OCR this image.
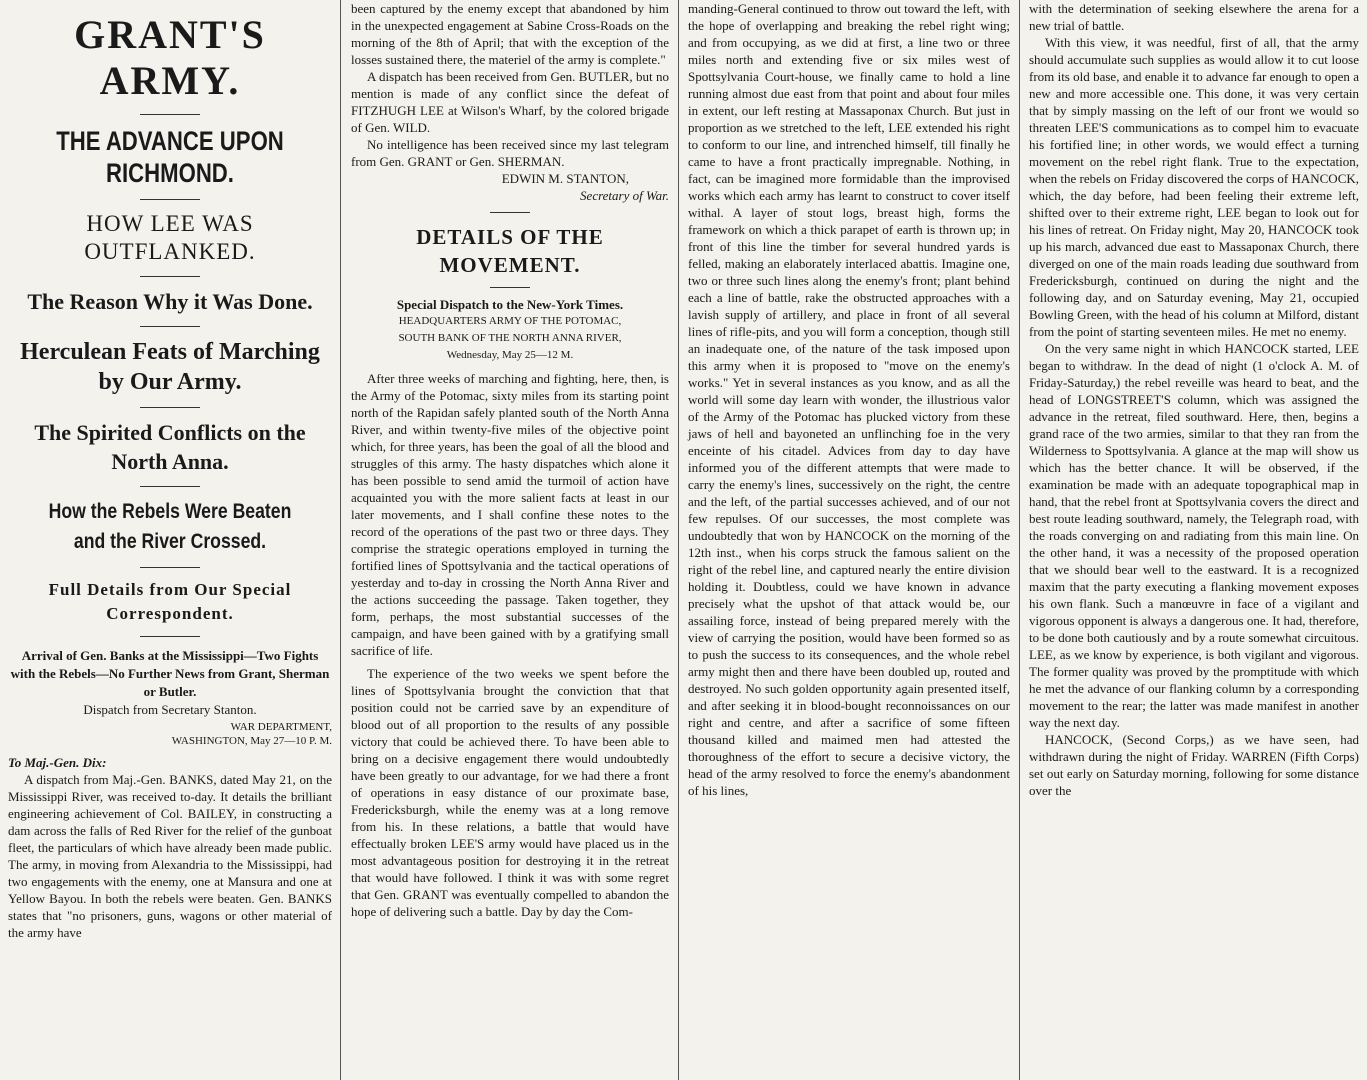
GRANT'S ARMY.
THE ADVANCE UPON RICHMOND.
HOW LEE WAS OUTFLANKED.
The Reason Why it Was Done.
Herculean Feats of Marching by Our Army.
The Spirited Conflicts on the North Anna.
How the Rebels Were Beaten and the River Crossed.
Full Details from Our Special Correspondent.
Arrival of Gen. Banks at the Mississippi—Two Fights with the Rebels—No Further News from Grant, Sherman or Butler.
Dispatch from Secretary Stanton.
WAR DEPARTMENT,
WASHINGTON, May 27—10 P. M.

To Maj.-Gen. Dix:

A dispatch from Maj.-Gen. BANKS, dated May 21, on the Mississippi River, was received to-day. It details the brilliant engineering achievement of Col. BAILEY, in constructing a dam across the falls of Red River for the relief of the gunboat fleet, the particulars of which have already been made public. The army, in moving from Alexandria to the Mississippi, had two engagements with the enemy, one at Mansura and one at Yellow Bayou. In both the rebels were beaten. Gen. BANKS states that "no prisoners, guns, wagons or other material of the army have

been captured by the enemy except that abandoned by him in the unexpected engagement at Sabine Cross-Roads on the morning of the 8th of April; that with the exception of the losses sustained there, the materiel of the army is complete."

A dispatch has been received from Gen. BUTLER, but no mention is made of any conflict since the defeat of FITZHUGH LEE at Wilson's Wharf, by the colored brigade of Gen. WILD.

No intelligence has been received since my last telegram from Gen. GRANT or Gen. SHERMAN.

EDWIN M. STANTON,
Secretary of War.
DETAILS OF THE MOVEMENT.
Special Dispatch to the New-York Times.
HEADQUARTERS ARMY OF THE POTOMAC,
SOUTH BANK OF THE NORTH ANNA RIVER,
Wednesday, May 25—12 M.

After three weeks of marching and fighting, here, then, is the Army of the Potomac, sixty miles from its starting point north of the Rapidan safely planted south of the North Anna River, and within twenty-five miles of the objective point which, for three years, has been the goal of all the blood and struggles of this army. The hasty dispatches which alone it has been possible to send amid the turmoil of action have acquainted you with the more salient facts at least in our later movements, and I shall confine these notes to the record of the operations of the past two or three days. They comprise the strategic operations employed in turning the fortified lines of Spottsylvania and the tactical operations of yesterday and to-day in crossing the North Anna River and the actions succeeding the passage. Taken together, they form, perhaps, the most substantial successes of the campaign, and have been gained with by a gratifying small sacrifice of life.

The experience of the two weeks we spent before the lines of Spottsylvania brought the conviction that that position could not be carried save by an expenditure of blood out of all proportion to the results of any possible victory that could be achieved there. To have been able to bring on a decisive engagement there would undoubtedly have been greatly to our advantage, for we had there a front of operations in easy distance of our proximate base, Fredericksburgh, while the enemy was at a long remove from his. In these relations, a battle that would have effectually broken LEE'S army would have placed us in the most advantageous position for destroying it in the retreat that would have followed. I think it was with some regret that Gen. GRANT was eventually compelled to abandon the hope of delivering such a battle. Day by day the Com-

manding-General continued to throw out toward the left, with the hope of overlapping and breaking the rebel right wing; and from occupying, as we did at first, a line two or three miles north and extending five or six miles west of Spottsylvania Court-house, we finally came to hold a line running almost due east from that point and about four miles in extent, our left resting at Massaponax Church. But just in proportion as we stretched to the left, LEE extended his right to conform to our line, and intrenched himself, till finally he came to have a front practically impregnable. Nothing, in fact, can be imagined more formidable than the improvised works which each army has learnt to construct to cover itself withal. A layer of stout logs, breast high, forms the framework on which a thick parapet of earth is thrown up; in front of this line the timber for several hundred yards is felled, making an elaborately interlaced abattis. Imagine one, two or three such lines along the enemy's front; plant behind each a line of battle, rake the obstructed approaches with a lavish supply of artillery, and place in front of all several lines of rifle-pits, and you will form a conception, though still an inadequate one, of the nature of the task imposed upon this army when it is proposed to "move on the enemy's works." Yet in several instances as you know, and as all the world will some day learn with wonder, the illustrious valor of the Army of the Potomac has plucked victory from these jaws of hell and bayoneted an unflinching foe in the very enceinte of his citadel. Advices from day to day have informed you of the different attempts that were made to carry the enemy's lines, successively on the right, the centre and the left, of the partial successes achieved, and of our not few repulses. Of our successes, the most complete was undoubtedly that won by HANCOCK on the morning of the 12th inst., when his corps struck the famous salient on the right of the rebel line, and captured nearly the entire division holding it. Doubtless, could we have known in advance precisely what the upshot of that attack would be, our assailing force, instead of being prepared merely with the view of carrying the position, would have been formed so as to push the success to its consequences, and the whole rebel army might then and there have been doubled up, routed and destroyed. No such golden opportunity again presented itself, and after seeking it in blood-bought reconnoissances on our right and centre, and after a sacrifice of some fifteen thousand killed and maimed men had attested the thoroughness of the effort to secure a decisive victory, the head of the army resolved to force the enemy's abandonment of his lines,

with the determination of seeking elsewhere the arena for a new trial of battle.

With this view, it was needful, first of all, that the army should accumulate such supplies as would allow it to cut loose from its old base, and enable it to advance far enough to open a new and more accessible one. This done, it was very certain that by simply massing on the left of our front we would so threaten LEE'S communications as to compel him to evacuate his fortified line; in other words, we would effect a turning movement on the rebel right flank. True to the expectation, when the rebels on Friday discovered the corps of HANCOCK, which, the day before, had been feeling their extreme left, shifted over to their extreme right, LEE began to look out for his lines of retreat. On Friday night, May 20, HANCOCK took up his march, advanced due east to Massaponax Church, there diverged on one of the main roads leading due southward from Fredericksburgh, continued on during the night and the following day, and on Saturday evening, May 21, occupied Bowling Green, with the head of his column at Milford, distant from the point of starting seventeen miles. He met no enemy.

On the very same night in which HANCOCK started, LEE began to withdraw. In the dead of night (1 o'clock A. M. of Friday-Saturday,) the rebel reveille was heard to beat, and the head of LONGSTREET'S column, which was assigned the advance in the retreat, filed southward. Here, then, begins a grand race of the two armies, similar to that they ran from the Wilderness to Spottsylvania. A glance at the map will show us which has the better chance. It will be observed, if the examination be made with an adequate topographical map in hand, that the rebel front at Spottsylvania covers the direct and best route leading southward, namely, the Telegraph road, with the roads converging on and radiating from this main line. On the other hand, it was a necessity of the proposed operation that we should bear well to the eastward. It is a recognized maxim that the party executing a flanking movement exposes his own flank. Such a manœuvre in face of a vigilant and vigorous opponent is always a dangerous one. It had, therefore, to be done both cautiously and by a route somewhat circuitous. LEE, as we know by experience, is both vigilant and vigorous. The former quality was proved by the promptitude with which he met the advance of our flanking column by a corresponding movement to the rear; the latter was made manifest in another way the next day.

HANCOCK, (Second Corps,) as we have seen, had withdrawn during the night of Friday. WARREN (Fifth Corps) set out early on Saturday morning, following for some distance over the
